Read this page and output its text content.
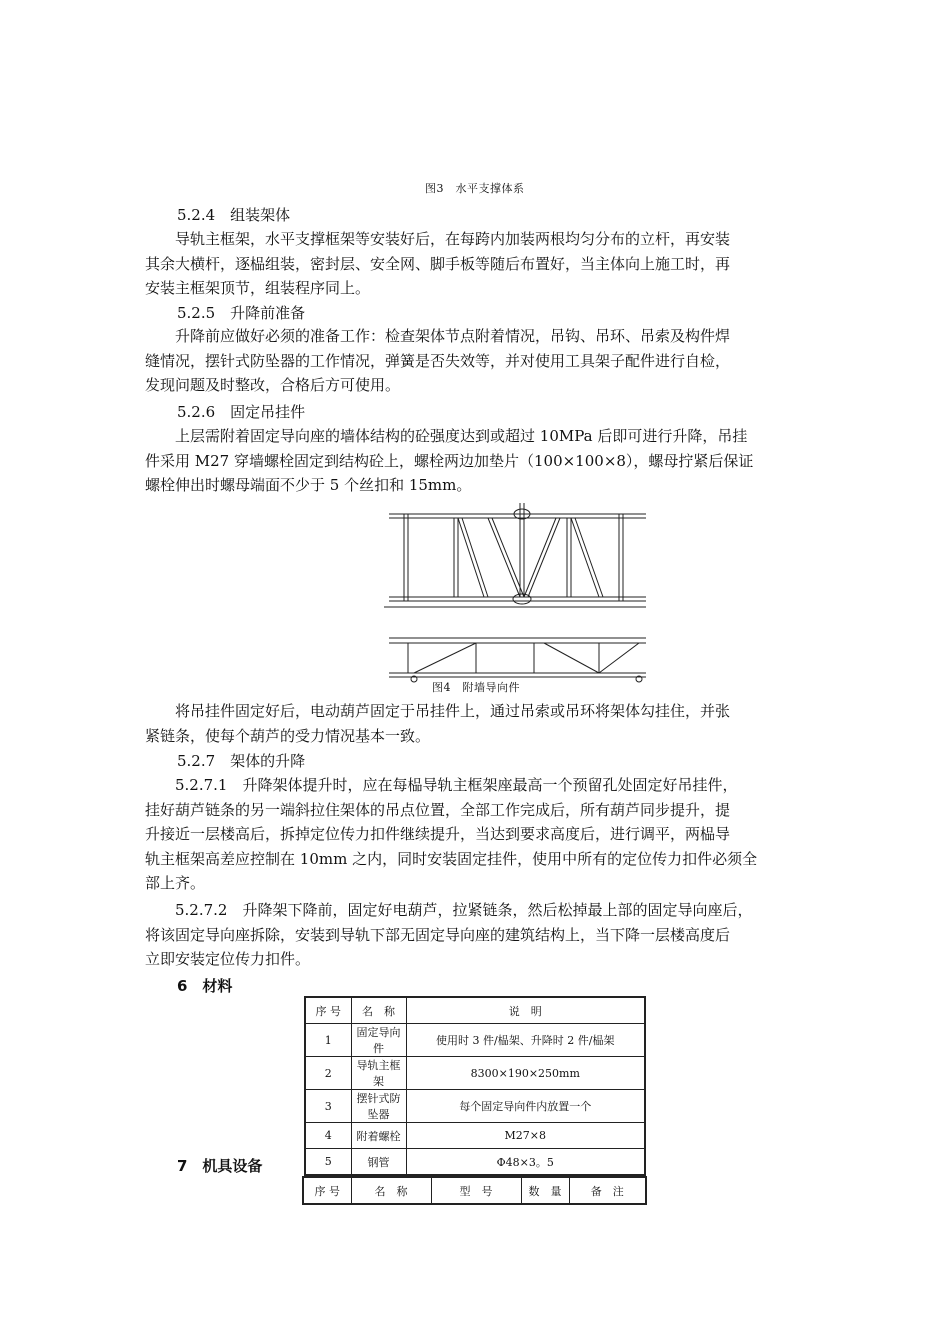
图3　水平支撑体系
5.2.4　组装架体
　　导轨主框架，水平支撑框架等安装好后，在每跨内加装两根均匀分布的立杆，再安装
其余大横杆，逐榀组装，密封层、安全网、脚手板等随后布置好，当主体向上施工时，再
安装主框架顶节，组装程序同上。
5.2.5　升降前准备
　　升降前应做好必须的准备工作：检查架体节点附着情况，吊钩、吊环、吊索及构件焊
缝情况，摆针式防坠器的工作情况，弹簧是否失效等，并对使用工具架子配件进行自检，
发现问题及时整改，合格后方可使用。
5.2.6　固定吊挂件
　　上层需附着固定导向座的墙体结构的砼强度达到或超过 10MPa 后即可进行升降，吊挂
件采用 M27 穿墙螺栓固定到结构砼上，螺栓两边加垫片（100×100×8），螺母拧紧后保证
螺栓伸出时螺母端面不少于 5 个丝扣和 15mm。
图4　附墙导向件
　　将吊挂件固定好后，电动葫芦固定于吊挂件上，通过吊索或吊环将架体勾挂住，并张
紧链条，使每个葫芦的受力情况基本一致。
5.2.7　架体的升降
　　5.2.7.1　升降架体提升时，应在每榀导轨主框架座最高一个预留孔处固定好吊挂件，
挂好葫芦链条的另一端斜拉住架体的吊点位置，全部工作完成后，所有葫芦同步提升，提
升接近一层楼高后，拆掉定位传力扣件继续提升，当达到要求高度后，进行调平，两榀导
轨主框架高差应控制在 10mm 之内，同时安装固定挂件，使用中所有的定位传力扣件必须全
部上齐。
　　5.2.7.2　升降架下降前，固定好电葫芦，拉紧链条，然后松掉最上部的固定导向座后，
将该固定导向座拆除，安装到导轨下部无固定导向座的建筑结构上，当下降一层楼高度后
立即安装定位传力扣件。
6　材料
序 号	名　称	说　明
1	固定导向件	使用时 3 件/榀架、升降时 2 件/榀架
2	导轨主框架	8300×190×250mm
3	摆针式防坠器	每个固定导向件内放置一个
4	附着螺栓	M27×8
5	钢管	Φ48×3。5
7　机具设备
序 号	名　称	型　号	数　量	备　注
